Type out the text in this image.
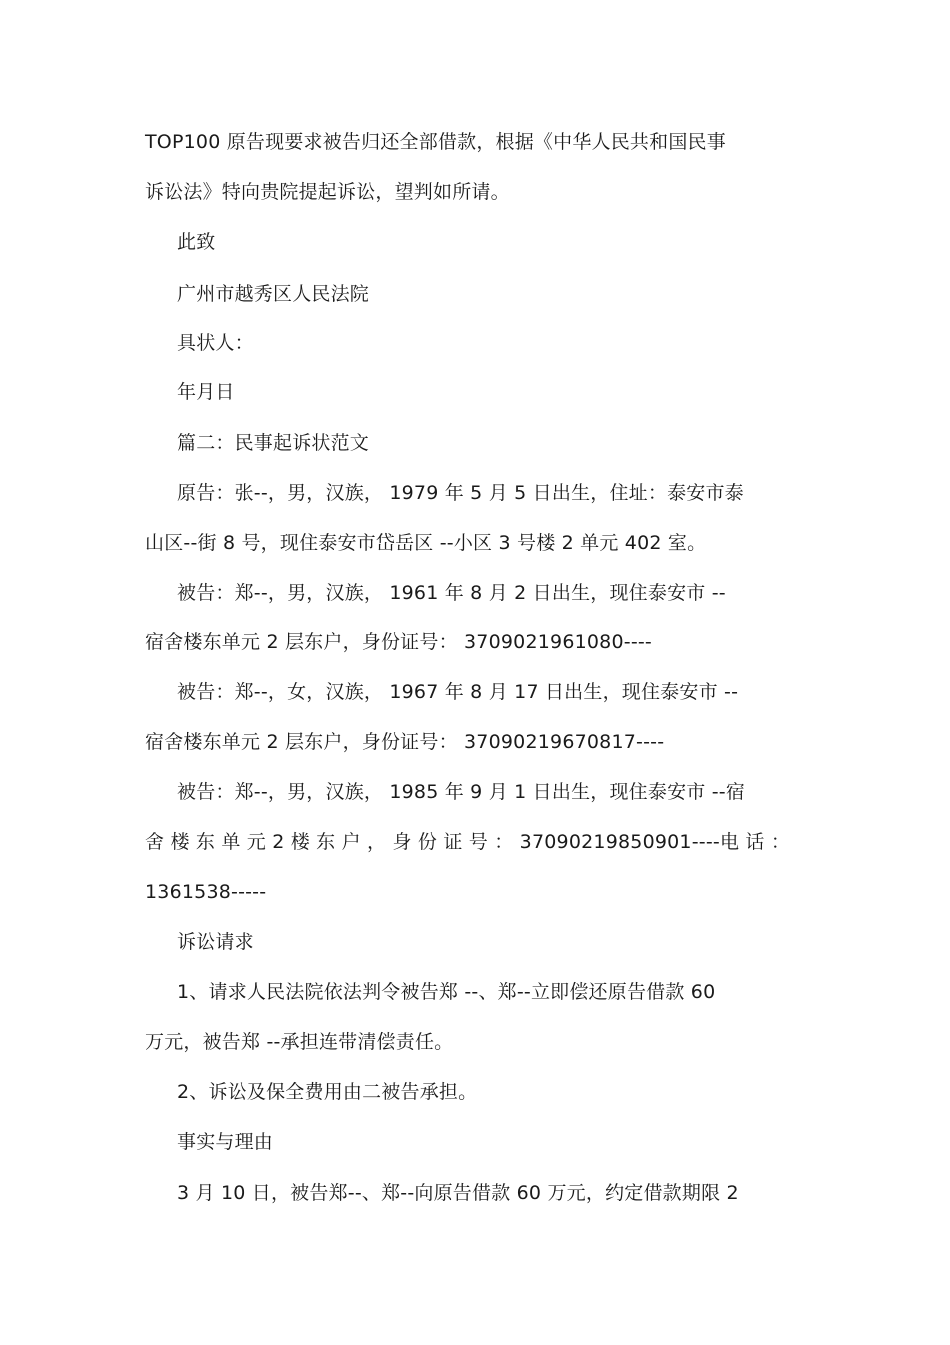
TOP100 原告现要求被告归还全部借款，根据《中华人民共和国民事
诉讼法》特向贵院提起诉讼，望判如所请。
此致
广州市越秀区人民法院
具状人：
年月日
篇二：民事起诉状范文
原告：张--，男，汉族， 1979 年 5 月 5 日出生，住址：泰安市泰
山区--街 8 号，现住泰安市岱岳区 --小区 3 号楼 2 单元 402 室。
被告：郑--，男，汉族， 1961 年 8 月 2 日出生，现住泰安市 --
宿舍楼东单元 2 层东户，身份证号： 3709021961080----
被告：郑--，女，汉族， 1967 年 8 月 17 日出生，现住泰安市 --
宿舍楼东单元 2 层东户，身份证号： 37090219670817----
被告：郑--，男，汉族， 1985 年 9 月 1 日出生，现住泰安市 --宿
舍 楼 东 单 元 2 楼 东 户 ， 身 份 证 号 ： 37090219850901----电 话 ：
1361538-----
诉讼请求
1、请求人民法院依法判令被告郑 --、郑--立即偿还原告借款 60
万元，被告郑 --承担连带清偿责任。
2、诉讼及保全费用由二被告承担。
事实与理由
3 月 10 日，被告郑--、郑--向原告借款 60 万元，约定借款期限 2
